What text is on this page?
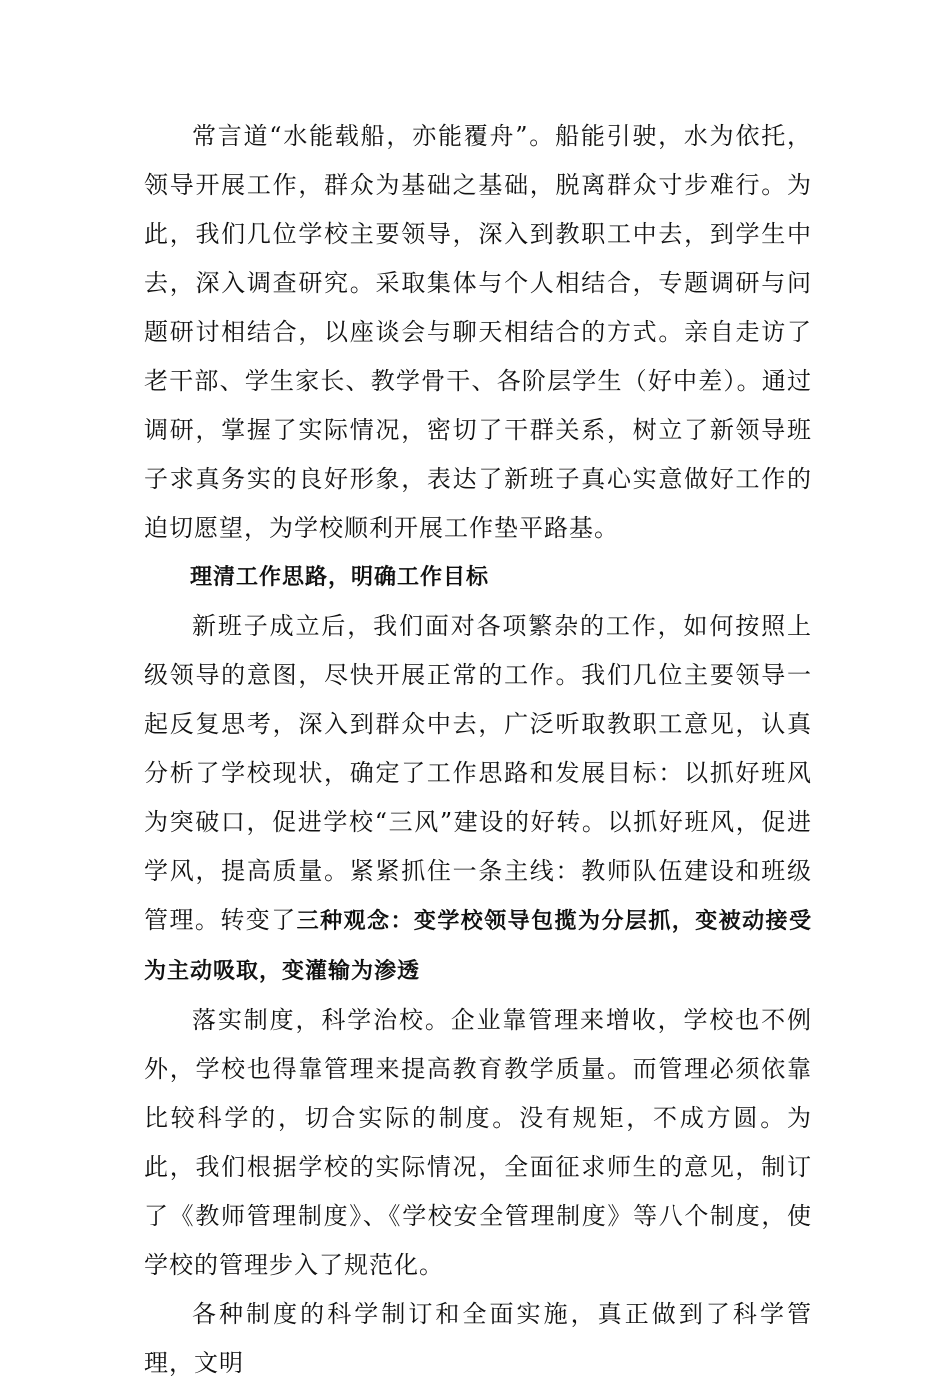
常言道“水能载船，亦能覆舟”。船能引驶，水为依托，领导开展工作，群众为基础之基础，脱离群众寸步难行。为此，我们几位学校主要领导，深入到教职工中去，到学生中去，深入调查研究。采取集体与个人相结合，专题调研与问题研讨相结合，以座谈会与聊天相结合的方式。亲自走访了老干部、学生家长、教学骨干、各阶层学生（好中差）。通过调研，掌握了实际情况，密切了干群关系，树立了新领导班子求真务实的良好形象，表达了新班子真心实意做好工作的迫切愿望，为学校顺利开展工作垫平路基。

理清工作思路，明确工作目标

新班子成立后，我们面对各项繁杂的工作，如何按照上级领导的意图，尽快开展正常的工作。我们几位主要领导一起反复思考，深入到群众中去，广泛听取教职工意见，认真分析了学校现状，确定了工作思路和发展目标：以抓好班风为突破口，促进学校“三风”建设的好转。以抓好班风，促进学风，提高质量。紧紧抓住一条主线：教师队伍建设和班级管理。转变了三种观念：变学校领导包揽为分层抓，变被动接受为主动吸取，变灌输为渗透

落实制度，科学治校。企业靠管理来增收，学校也不例外，学校也得靠管理来提高教育教学质量。而管理必须依靠比较科学的，切合实际的制度。没有规矩，不成方圆。为此，我们根据学校的实际情况，全面征求师生的意见，制订了《教师管理制度》、《学校安全管理制度》等八个制度，使学校的管理步入了规范化。

各种制度的科学制订和全面实施，真正做到了科学管理，文明
